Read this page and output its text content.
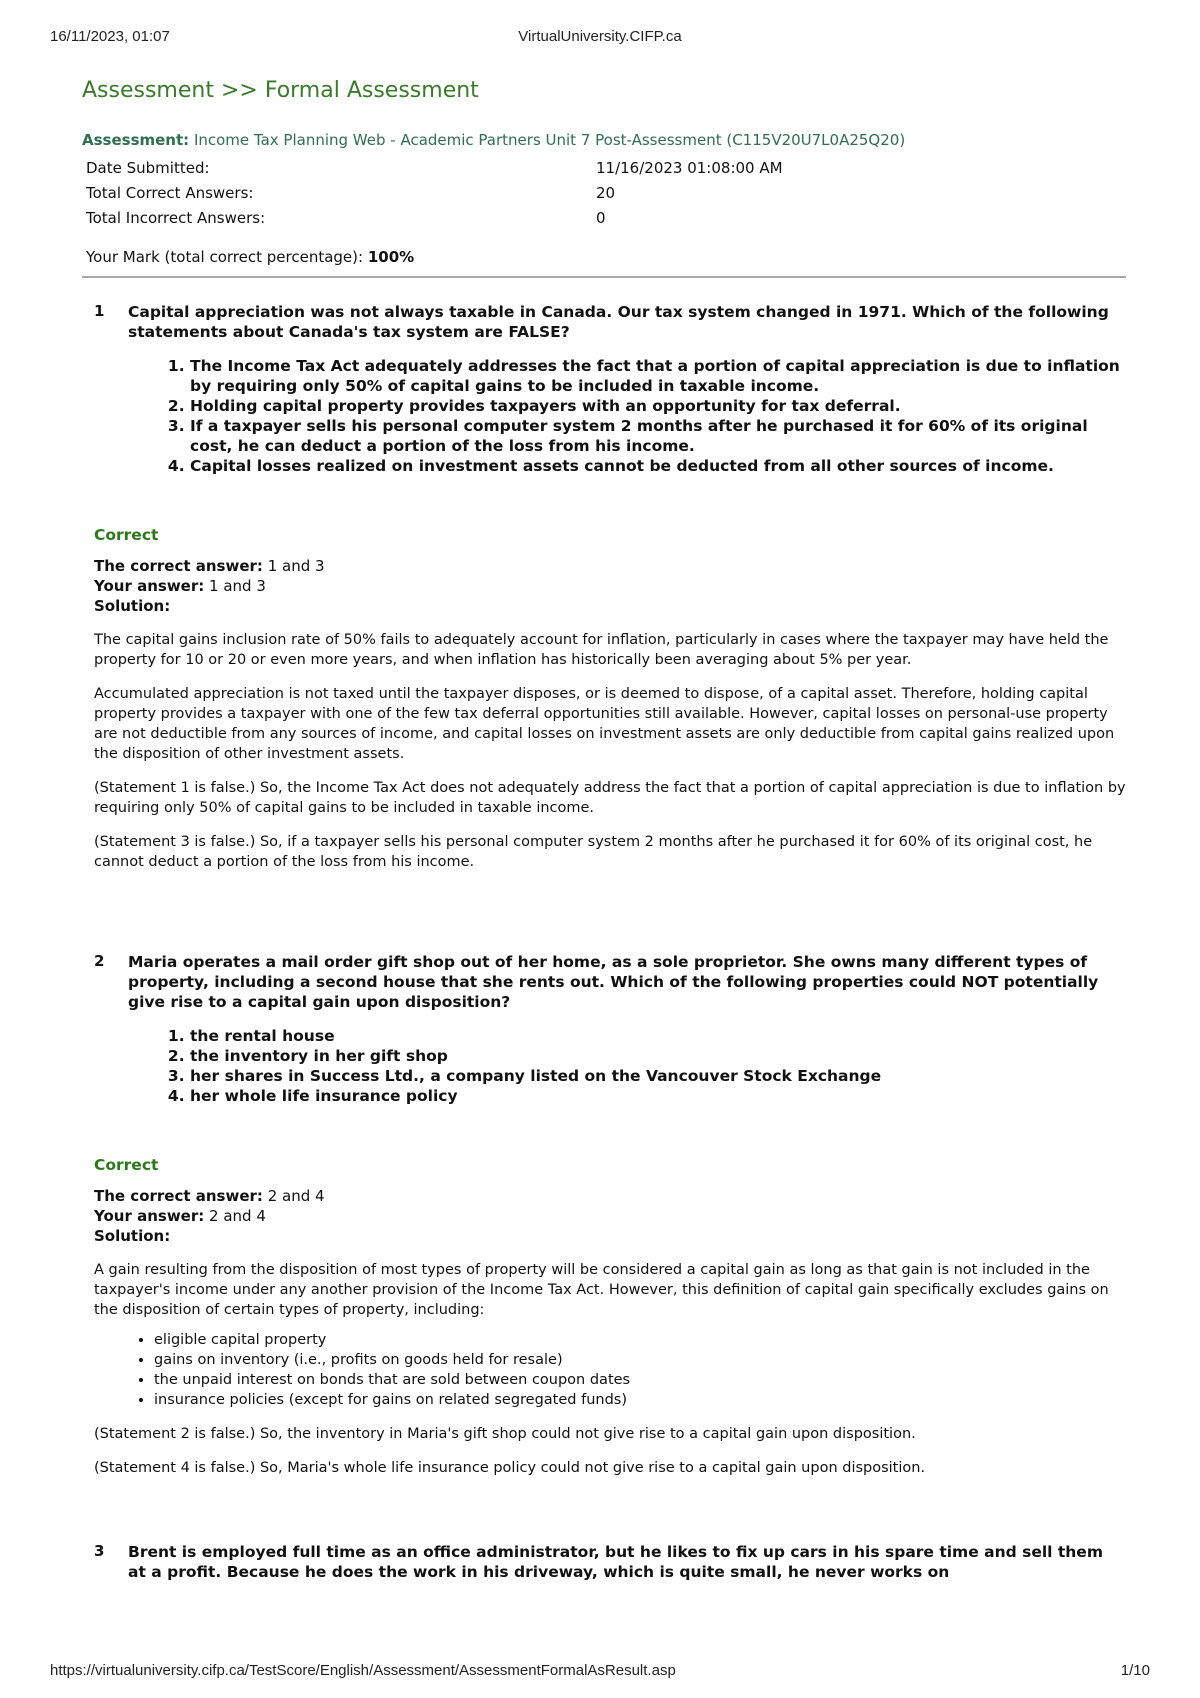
16/11/2023, 01:07	VirtualUniversity.CIFP.ca
Assessment >> Formal Assessment
Assessment: Income Tax Planning Web - Academic Partners Unit 7 Post-Assessment (C115V20U7L0A25Q20)
Date Submitted:	11/16/2023 01:08:00 AM
Total Correct Answers:	20
Total Incorrect Answers:	0
Your Mark (total correct percentage): 100%
1 Capital appreciation was not always taxable in Canada. Our tax system changed in 1971. Which of the following statements about Canada's tax system are FALSE?
1. The Income Tax Act adequately addresses the fact that a portion of capital appreciation is due to inflation by requiring only 50% of capital gains to be included in taxable income.
2. Holding capital property provides taxpayers with an opportunity for tax deferral.
3. If a taxpayer sells his personal computer system 2 months after he purchased it for 60% of its original cost, he can deduct a portion of the loss from his income.
4. Capital losses realized on investment assets cannot be deducted from all other sources of income.
Correct
The correct answer: 1 and 3
Your answer: 1 and 3
Solution:

The capital gains inclusion rate of 50% fails to adequately account for inflation, particularly in cases where the taxpayer may have held the property for 10 or 20 or even more years, and when inflation has historically been averaging about 5% per year.

Accumulated appreciation is not taxed until the taxpayer disposes, or is deemed to dispose, of a capital asset. Therefore, holding capital property provides a taxpayer with one of the few tax deferral opportunities still available. However, capital losses on personal-use property are not deductible from any sources of income, and capital losses on investment assets are only deductible from capital gains realized upon the disposition of other investment assets.

(Statement 1 is false.) So, the Income Tax Act does not adequately address the fact that a portion of capital appreciation is due to inflation by requiring only 50% of capital gains to be included in taxable income.

(Statement 3 is false.) So, if a taxpayer sells his personal computer system 2 months after he purchased it for 60% of its original cost, he cannot deduct a portion of the loss from his income.

2 Maria operates a mail order gift shop out of her home, as a sole proprietor. She owns many different types of property, including a second house that she rents out. Which of the following properties could NOT potentially give rise to a capital gain upon disposition?
1. the rental house
2. the inventory in her gift shop
3. her shares in Success Ltd., a company listed on the Vancouver Stock Exchange
4. her whole life insurance policy
Correct
The correct answer: 2 and 4
Your answer: 2 and 4
Solution:

A gain resulting from the disposition of most types of property will be considered a capital gain as long as that gain is not included in the taxpayer's income under any another provision of the Income Tax Act. However, this definition of capital gain specifically excludes gains on the disposition of certain types of property, including:

• eligible capital property
• gains on inventory (i.e., profits on goods held for resale)
• the unpaid interest on bonds that are sold between coupon dates
• insurance policies (except for gains on related segregated funds)

(Statement 2 is false.) So, the inventory in Maria's gift shop could not give rise to a capital gain upon disposition.

(Statement 4 is false.) So, Maria's whole life insurance policy could not give rise to a capital gain upon disposition.

3 Brent is employed full time as an office administrator, but he likes to fix up cars in his spare time and sell them at a profit. Because he does the work in his driveway, which is quite small, he never works on
https://virtualuniversity.cifp.ca/TestScore/English/Assessment/AssessmentFormalAsResult.asp	1/10
